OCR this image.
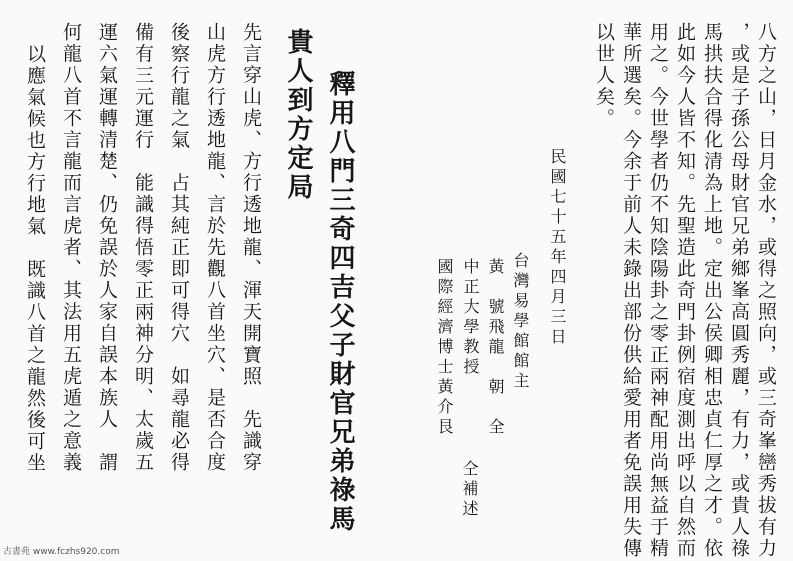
八方之山，日月金水，或得之照向，或三奇峯巒秀拔有力
，或是子孫公母財官兄弟鄉峯高圓秀麗，有力，或貴人祿
馬拱扶合得化清為上地。定出公侯卿相忠貞仁厚之才。依
此如今人皆不知。先聖造此奇門卦例宿度測出呼以自然而
用之。今世學者仍不知陰陽卦之零正兩神配用尚無益于精
華所選矣。今余于前人未錄出部份供給愛用者免誤用失傳
以世人矣。
民國七十五年四月三日
台灣易學館館主
黃　號飛龍　朝　全
中正大學教授
國際經濟博士黃介艮
仝補述
釋用八門三奇四吉父子財官兄弟祿馬
貴人到方定局
先言穿山虎、方行透地龍、渾天開寶照　先識穿
山虎方行透地龍、言於先觀八首坐穴、是否合度
後察行龍之氣　占其純正即可得穴　如尋龍必得
備有三元運行　能識得悟零正兩神分明、太歲五
運六氣運轉清楚、仍免誤於人家自誤本族人　謂
何龍八首不言龍而言虎者、其法用五虎遁之意義
以應氣候也方行地氣　既識八首之龍然後可坐
古書苑 www.fczhs920.com
